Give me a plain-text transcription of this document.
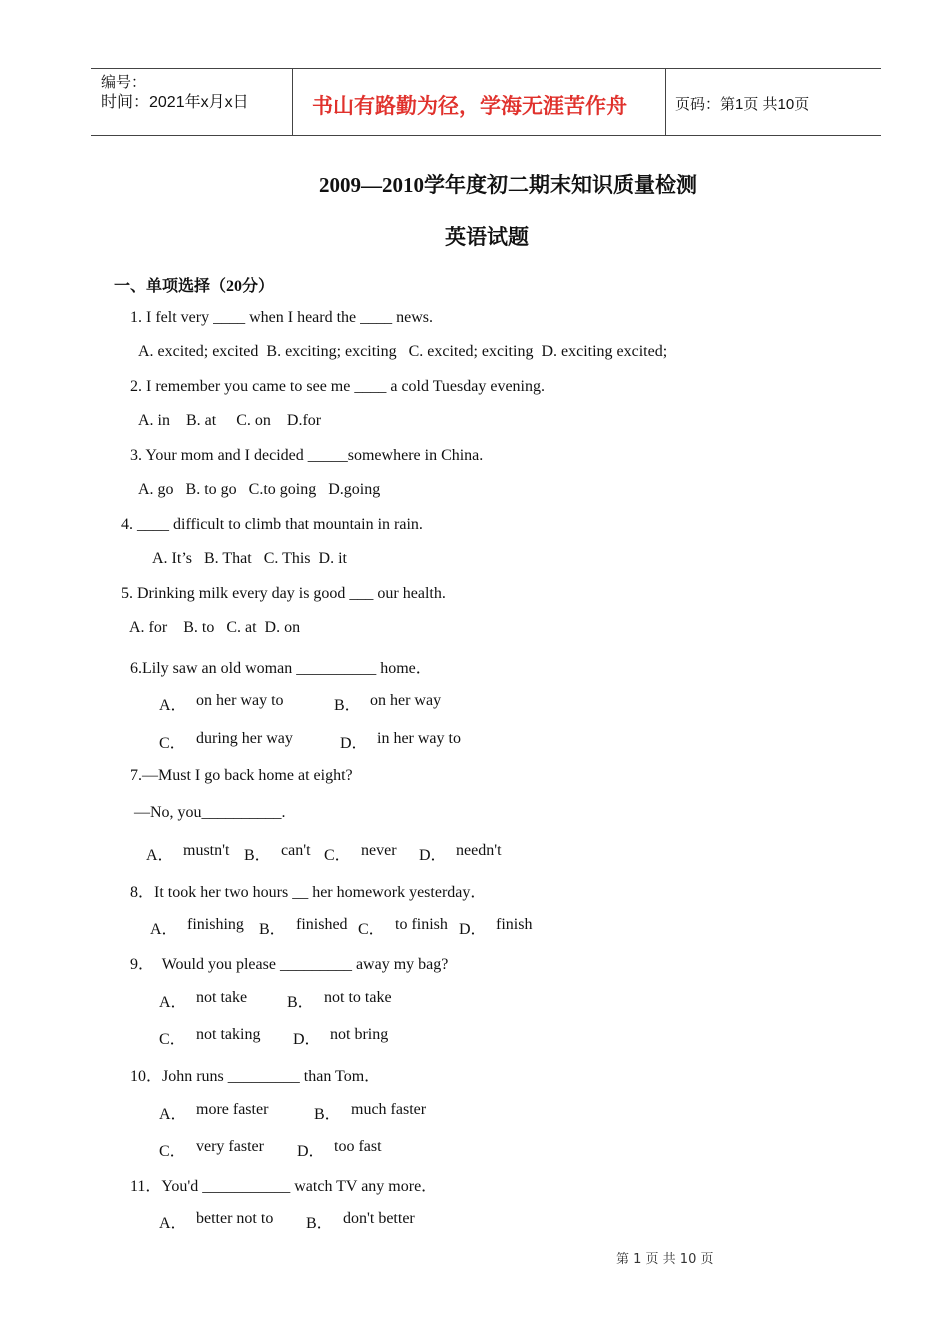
编号：
时间：2021年x月x日	书山有路勤为径，学海无涯苦作舟	页码：第1页 共10页
2009—2010学年度初二期末知识质量检测
英语试题
一、单项选择（20分）
1. I felt very ____ when I heard the ____ news.
A. excited; excited  B. exciting; exciting   C. excited; exciting  D. exciting excited;
2. I remember you came to see me ____ a cold Tuesday evening.
A. in    B. at     C. on    D.for
3. Your mom and I decided _____somewhere in China.
A. go   B. to go   C.to going   D.going
4. ____ difficult to climb that mountain in rain.
A. It’s   B. That   C. This  D. it
5. Drinking milk every day is good ___ our health.
A. for    B. to   C. at  D. on
6.Lily saw an old woman __________ home．
A． on her way to	B． on her way
C． during her way	D． in her way to
7.—Must I go back home at eight?
—No, you__________.
A． mustn't B． can't C． never D． needn't
8．It took her two hours __ her homework yesterday．
A． finishing B． finished C． to finish D． finish
9．  Would you please _________ away my bag?
A． not take B． not to take
C． not taking D． not bring
10．John runs _________ than Tom．
A． more faster	B． much faster
C． very faster D． too fast
11．You'd ___________ watch TV any more．
A． better not to B． don't better
第 1 页 共 10 页
